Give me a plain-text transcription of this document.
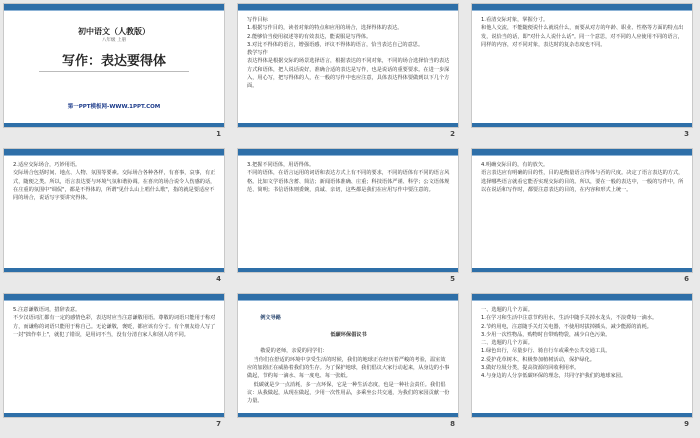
初中语文（人教版）
八年级 上册
写作：表达要得体
第一PPT模板网-WWW.1PPT.COM
1
写作目标
1.根据写作目的，读者对象的特点和应用的场合，选择得体的表达。
2.能够恰当使用叙述等的有效表达，能说服是写得体。
3.对比不得体的语言，增强语感，评议不得体的语言，恰当表达自己的意思。
教学写作
表达得体是根据交际的场景选择语言，根据表达的不同对象，不同的场合选择恰当的表达方式和语体，把人说话说好，准确合适的表达是写作，也是说话的重要要求。在进一步深入，用心写，把写得体的人，在一般的写作中也应注意，具体表达得体要做到以下几个方面。
2
1.看清交际对象，掌握分寸。
和他人交流，不能随便说什么就说什么，而要从对方的年龄、职业、性格等方面的特点出发，说恰当的话，即"对什么人说什么话"。同一个意思，对不同的人应使用不同的语言，同样的内容，对不同对象，表达时的复杂态度也不同。
3
2.适应交际场合，巧妙用语。
交际场合包括时间、地点、人物、氛围等要素。交际场合各种各样，有喜事，哀事，有正式，随便之类。所以，语言表达要与环境气氛和谐协调。在喜庆的场合说令人伤感的话，在庄重的氛围中"调侃"，都是不得体的，所谓"见什么山上唱什么歌"，指的就是要适应不同的场合，说话写字要讲究得体。
4
3.把握不同语体，用语得体。
不同的语体，在语言运用的词语和表达方式上有不同的要求，不同的语体有不同的语言风格。比如文学语体含蓄、简洁；新闻语体准确、庄重；科技语体严谨、科学；公文语体规范、简明；书信语体则委婉，真诚、亲切，这些都是我们在应用写作中要注意的。
5
4.明确交际目的，有的放矢。
语言表达应有明确的目的性，目的是衡量语言得体与否的尺度。决定了语言表达的方式，选择哪些语言就看它能否实现交际的目的。所以，要在一般的表达中，一般的写作中，所以在说话和写作时，都要注意表达的目的，在内容和形式上统一。
6
5.注意谦敬语词，措辞表意。
不少汉语词汇都有一定的感情色彩，表达时应当注意谦敬用语。尊敬的词语只能用于称对方，而谦称的词语只能用于称自己。无论谦敬，褒贬，都应该有分寸。有个朋友给人写了一封"拙作奉上"，就犯了错误，是用词不当，没有分清自家人和别人的不同。
7

例文导路

低碳环保倡议书

敬爱的老师，亲爱的同学们：
当你们在舒适的环境中享受生活的时候，我们的地球正在经历着严峻的考验，温室效应的加剧正在威胁着我们的生存。为了保护地球，我们倡议大家行动起来，从身边的小事做起，节约每一滴水、每一度电、每一张纸。
低碳就是少一点消耗，多一点环保，它是一种生活态度，也是一种社会责任。我们倡议：从我做起，从现在做起，少用一次性用品，多乘坐公共交通，为我们的家园贡献一份力量。

8
一、选题的几个方面。
1.在学习和生活中注意节约用水，生活中随手关掉水龙头，不浪费每一滴水。
2.节约用电，注意随手关灯关电器，不使用时拔掉插头，减少能源的消耗。
3.少用一次性物品，购物时自带购物袋，减少白色污染。
二、选题的几个方面。
1.绿色出行，尽量步行、骑自行车或乘坐公共交通工具。
2.爱护花草树木，积极参加植树活动，保护绿化。
3.做好垃圾分类，提高资源的回收利用率。
4.与身边的人分享低碳环保的理念，共同守护我们的地球家园。
9
